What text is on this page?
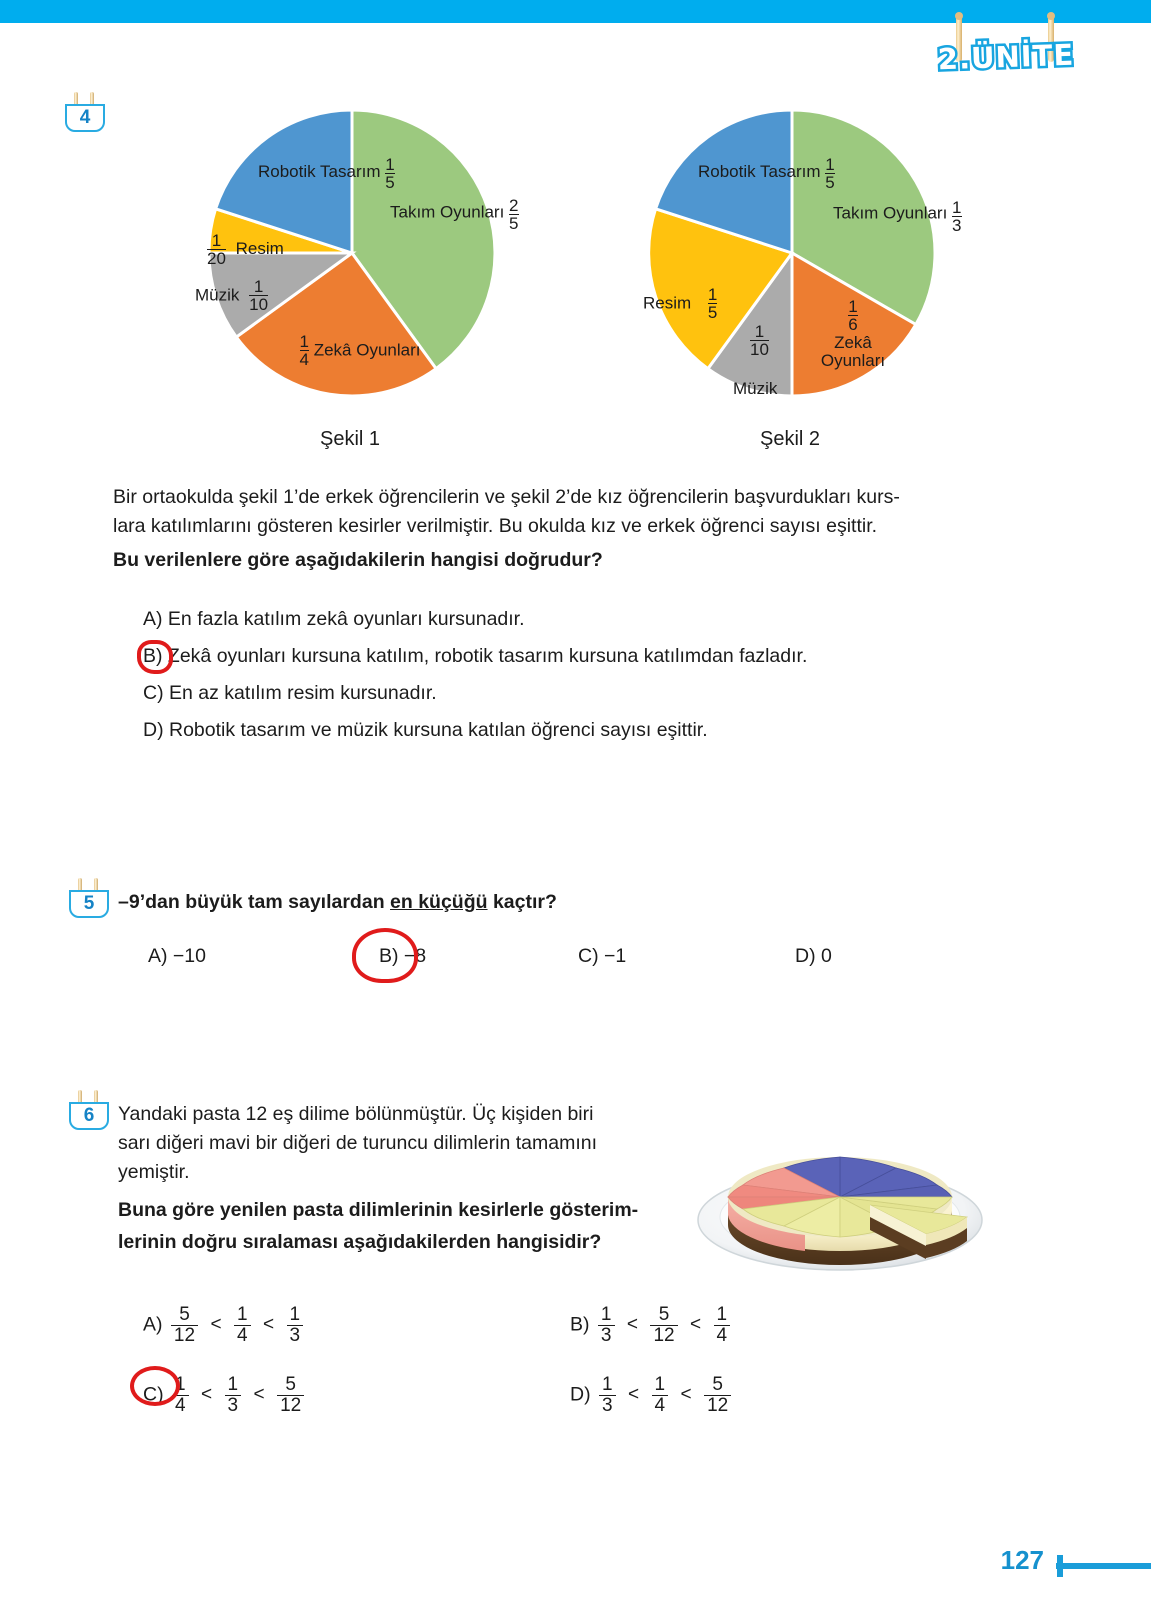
2.ÜNİTE
4
Robotik Tasarım $\frac{1}{5}$
Takım Oyunları $\frac{2}{5}$
$\frac{1}{20}$ Resim
Müzik $\frac{1}{10}$
$\frac{1}{4}$ Zekâ Oyunları
Şekil 1
Robotik Tasarım $\frac{1}{5}$
Takım Oyunları $\frac{1}{3}$
Resim $\frac{1}{5}$
$\frac{1}{10}$
Müzik
$\frac{1}{6}$
Zekâ
Oyunları
Şekil 2
Bir ortaokulda şekil 1’de erkek öğrencilerin ve şekil 2’de kız öğrencilerin başvurdukları kurs-
lara katılımlarını gösteren kesirler verilmiştir. Bu okulda kız ve erkek öğrenci sayısı eşittir.
Bu verilenlere göre aşağıdakilerin hangisi doğrudur?
A) En fazla katılım zekâ oyunları kursunadır.
B) Zekâ oyunları kursuna katılım, robotik tasarım kursuna katılımdan fazladır.
C) En az katılım resim kursunadır.
D) Robotik tasarım ve müzik kursuna katılan öğrenci sayısı eşittir.
5	–9’dan büyük tam sayılardan en küçüğü kaçtır?
A) −10	B) −8	C) −1	D) 0
6	Yandaki pasta 12 eş dilime bölünmüştür. Üç kişiden biri
sarı diğeri mavi bir diğeri de turuncu dilimlerin tamamını
yemiştir.
Buna göre yenilen pasta dilimlerinin kesirlerle gösterim-
lerinin doğru sıralaması aşağıdakilerden hangisidir?
$A) \frac{5}{12} < \frac{1}{4} < \frac{1}{3}$	$B) \frac{1}{3} < \frac{5}{12} < \frac{1}{4}$
$C) \frac{1}{4} < \frac{1}{3} < \frac{5}{12}$	$D) \frac{1}{3} < \frac{1}{4} < \frac{5}{12}$
127
